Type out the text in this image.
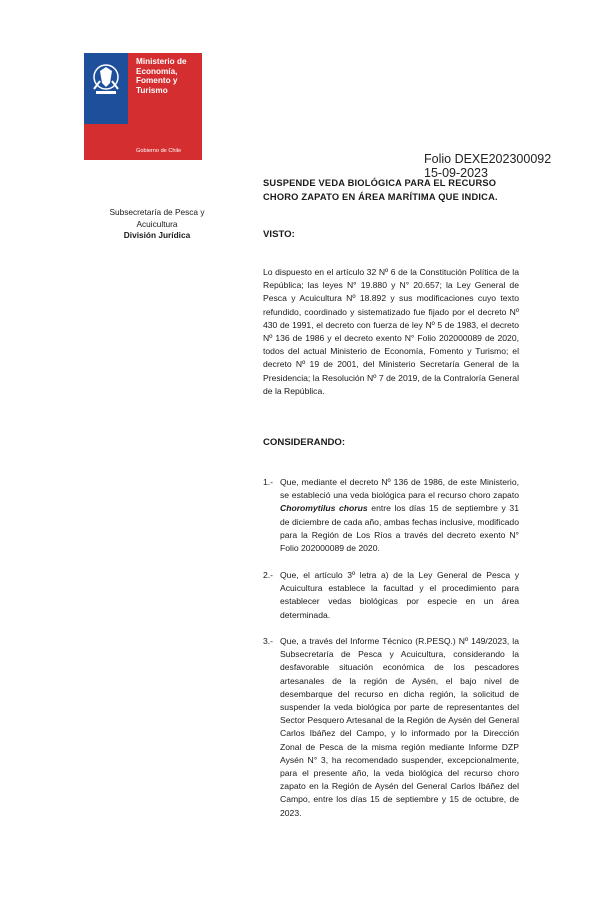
Ministerio de
Economía,
Fomento y
Turismo
Gobierno de Chile
Folio DEXE202300092
15-09-2023
SUSPENDE VEDA BIOLÓGICA PARA EL RECURSO CHORO ZAPATO EN ÁREA MARÍTIMA QUE INDICA.
Subsecretaría de Pesca y
Acuicultura
División Jurídica	VISTO:
Lo dispuesto en el artículo 32 Nº 6 de la Constitución Política de la República; las leyes N° 19.880 y N° 20.657; la Ley General de Pesca y Acuicultura Nº 18.892 y sus modificaciones cuyo texto refundido, coordinado y sistematizado fue fijado por el decreto Nº 430 de 1991, el decreto con fuerza de ley Nº 5 de 1983, el decreto Nº 136 de 1986 y el decreto exento N° Folio 202000089 de 2020, todos del actual Ministerio de Economía, Fomento y Turismo; el decreto Nº 19 de 2001, del Ministerio Secretaría General de la Presidencia; la Resolución Nº 7 de 2019, de la Contraloría General de la República.
CONSIDERANDO:
1.- Que, mediante el decreto Nº 136 de 1986, de este Ministerio, se estableció una veda biológica para el recurso choro zapato Choromytilus chorus entre los días 15 de septiembre y 31 de diciembre de cada año, ambas fechas inclusive, modificado para la Región de Los Ríos a través del decreto exento N° Folio 202000089 de 2020.
2.- Que, el artículo 3º letra a) de la Ley General de Pesca y Acuicultura establece la facultad y el procedimiento para establecer vedas biológicas por especie en un área determinada.
3.- Que, a través del Informe Técnico (R.PESQ.) Nº 149/2023, la Subsecretaría de Pesca y Acuicultura, considerando la desfavorable situación económica de los pescadores artesanales de la región de Aysén, el bajo nivel de desembarque del recurso en dicha región, la solicitud de suspender la veda biológica por parte de representantes del Sector Pesquero Artesanal de la Región de Aysén del General Carlos Ibáñez del Campo, y lo informado por la Dirección Zonal de Pesca de la misma región mediante Informe DZP Aysén N° 3, ha recomendado suspender, excepcionalmente, para el presente año, la veda biológica del recurso choro zapato en la Región de Aysén del General Carlos Ibáñez del Campo, entre los días 15 de septiembre y 15 de octubre, de 2023.
